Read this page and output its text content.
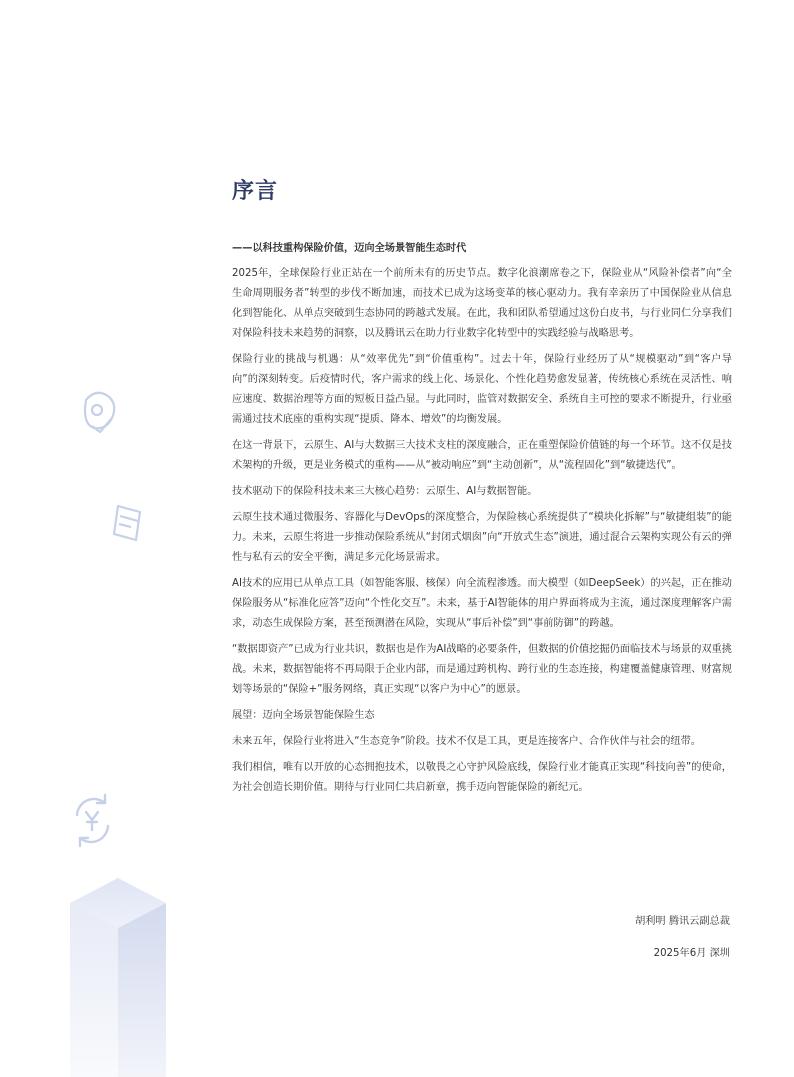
序言
——以科技重构保险价值，迈向全场景智能生态时代

2025年，全球保险行业正站在一个前所未有的历史节点。数字化浪潮席卷之下，保险业从“风险补偿者”向“全生命周期服务者”转型的步伐不断加速，而技术已成为这场变革的核心驱动力。我有幸亲历了中国保险业从信息化到智能化、从单点突破到生态协同的跨越式发展。在此，我和团队希望通过这份白皮书，与行业同仁分享我们对保险科技未来趋势的洞察，以及腾讯云在助力行业数字化转型中的实践经验与战略思考。

保险行业的挑战与机遇：从“效率优先”到“价值重构”。过去十年，保险行业经历了从“规模驱动”到“客户导向”的深刻转变。后疫情时代，客户需求的线上化、场景化、个性化趋势愈发显著，传统核心系统在灵活性、响应速度、数据治理等方面的短板日益凸显。与此同时，监管对数据安全、系统自主可控的要求不断提升，行业亟需通过技术底座的重构实现“提质、降本、增效”的均衡发展。

在这一背景下，云原生、AI与大数据三大技术支柱的深度融合，正在重塑保险价值链的每一个环节。这不仅是技术架构的升级，更是业务模式的重构——从“被动响应”到“主动创新”，从“流程固化”到“敏捷迭代”。

技术驱动下的保险科技未来三大核心趋势：云原生、AI与数据智能。

云原生技术通过微服务、容器化与DevOps的深度整合，为保险核心系统提供了“模块化拆解”与“敏捷组装”的能力。未来，云原生将进一步推动保险系统从“封闭式烟囱”向“开放式生态”演进，通过混合云架构实现公有云的弹性与私有云的安全平衡，满足多元化场景需求。

AI技术的应用已从单点工具（如智能客服、核保）向全流程渗透。而大模型（如DeepSeek）的兴起，正在推动保险服务从“标准化应答”迈向“个性化交互”。未来，基于AI智能体的用户界面将成为主流，通过深度理解客户需求，动态生成保险方案，甚至预测潜在风险，实现从“事后补偿”到“事前防御”的跨越。

“数据即资产”已成为行业共识，数据也是作为AI战略的必要条件，但数据的价值挖掘仍面临技术与场景的双重挑战。未来，数据智能将不再局限于企业内部，而是通过跨机构、跨行业的生态连接，构建覆盖健康管理、财富规划等场景的“保险+”服务网络，真正实现“以客户为中心”的愿景。

展望：迈向全场景智能保险生态

未来五年，保险行业将进入“生态竞争”阶段。技术不仅是工具，更是连接客户、合作伙伴与社会的纽带。

我们相信，唯有以开放的心态拥抱技术，以敬畏之心守护风险底线，保险行业才能真正实现“科技向善”的使命，为社会创造长期价值。期待与行业同仁共启新章，携手迈向智能保险的新纪元。

胡利明 腾讯云副总裁
2025年6月 深圳
